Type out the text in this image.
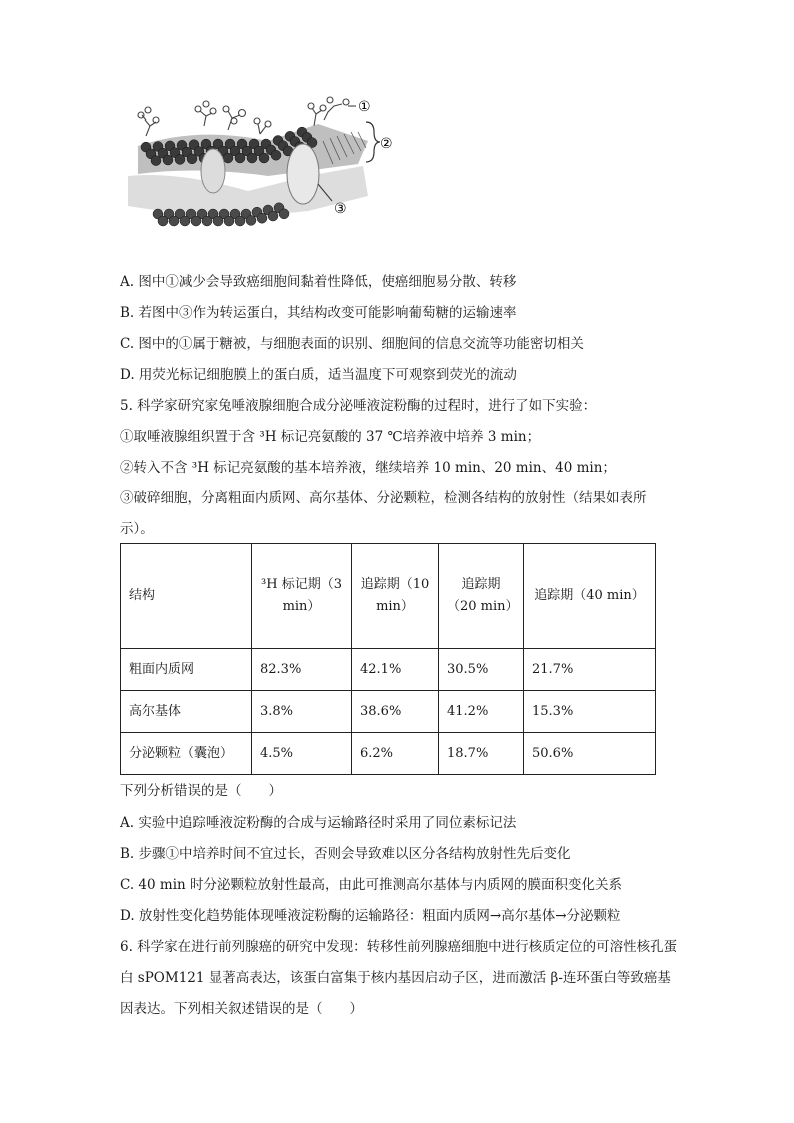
①
②
③
A. 图中①减少会导致癌细胞间黏着性降低，使癌细胞易分散、转移
B. 若图中③作为转运蛋白，其结构改变可能影响葡萄糖的运输速率
C. 图中的①属于糖被，与细胞表面的识别、细胞间的信息交流等功能密切相关
D. 用荧光标记细胞膜上的蛋白质，适当温度下可观察到荧光的流动
5. 科学家研究家兔唾液腺细胞合成分泌唾液淀粉酶的过程时，进行了如下实验：
①取唾液腺组织置于含 ³H 标记亮氨酸的 37 ℃培养液中培养 3 min；
②转入不含 ³H 标记亮氨酸的基本培养液，继续培养 10 min、20 min、40 min；
③破碎细胞，分离粗面内质网、高尔基体、分泌颗粒，检测各结构的放射性（结果如表所示）。
结构	³H 标记期（3 min）	追踪期（10 min）	追踪期（20 min）	追踪期（40 min）

粗面内质网	82.3%	42.1%	30.5%	21.7%
高尔基体	3.8%	38.6%	41.2%	15.3%
分泌颗粒（囊泡）	4.5%	6.2%	18.7%	50.6%
下列分析错误的是（　　）
A. 实验中追踪唾液淀粉酶的合成与运输路径时采用了同位素标记法
B. 步骤①中培养时间不宜过长，否则会导致难以区分各结构放射性先后变化
C. 40 min 时分泌颗粒放射性最高，由此可推测高尔基体与内质网的膜面积变化关系
D. 放射性变化趋势能体现唾液淀粉酶的运输路径：粗面内质网→高尔基体→分泌颗粒
6. 科学家在进行前列腺癌的研究中发现：转移性前列腺癌细胞中进行核质定位的可溶性核孔蛋白 sPOM121 显著高表达，该蛋白富集于核内基因启动子区，进而激活 β-连环蛋白等致癌基因表达。下列相关叙述错误的是（　　）
